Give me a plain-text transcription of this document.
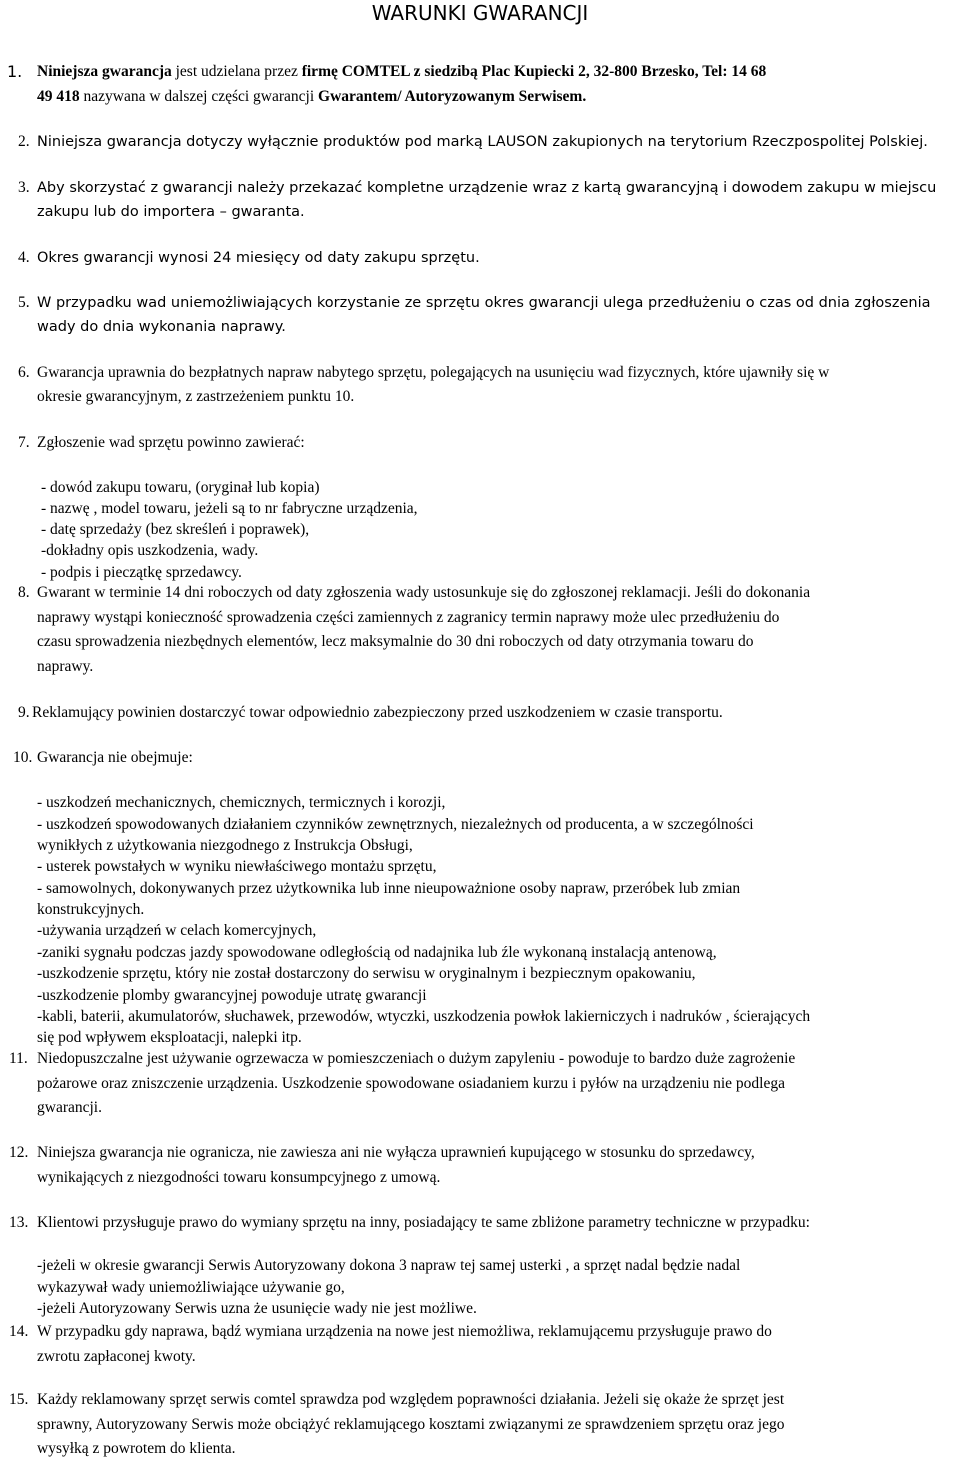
WARUNKI GWARANCJI
1. Niniejsza gwarancja jest udzielana przez firmę COMTEL z siedzibą Plac Kupiecki 2, 32-800 Brzesko, Tel: 14 68
49 418 nazywana w dalszej części gwarancji Gwarantem/ Autoryzowanym Serwisem.
2. Niniejsza gwarancja dotyczy wyłącznie produktów pod marką LAUSON zakupionych na terytorium Rzeczpospolitej Polskiej.
3. Aby skorzystać z gwarancji należy przekazać kompletne urządzenie wraz z kartą gwarancyjną i dowodem zakupu w miejscu
zakupu lub do importera – gwaranta.
4. Okres gwarancji wynosi 24 miesięcy od daty zakupu sprzętu.
5. W przypadku wad uniemożliwiających korzystanie ze sprzętu okres gwarancji ulega przedłużeniu o czas od dnia zgłoszenia
wady do dnia wykonania naprawy.
6. Gwarancja uprawnia do bezpłatnych napraw nabytego sprzętu, polegających na usunięciu wad fizycznych, które ujawniły się w
okresie gwarancyjnym, z zastrzeżeniem punktu 10.
7. Zgłoszenie wad sprzętu powinno zawierać:
- dowód zakupu towaru, (oryginał lub kopia)
- nazwę , model towaru, jeżeli są to nr fabryczne urządzenia,
- datę sprzedaży (bez skreśleń i poprawek),
-dokładny opis uszkodzenia, wady.
- podpis i pieczątkę sprzedawcy.
8. Gwarant w terminie 14 dni roboczych od daty zgłoszenia wady ustosunkuje się do zgłoszonej reklamacji. Jeśli do dokonania
naprawy wystąpi konieczność sprowadzenia części zamiennych z zagranicy termin naprawy może ulec przedłużeniu do
czasu sprowadzenia niezbędnych elementów, lecz maksymalnie do 30 dni roboczych od daty otrzymania towaru do
naprawy.
9. Reklamujący powinien dostarczyć towar odpowiednio zabezpieczony przed uszkodzeniem w czasie transportu.
10. Gwarancja nie obejmuje:
- uszkodzeń mechanicznych, chemicznych, termicznych i korozji,
- uszkodzeń spowodowanych działaniem czynników zewnętrznych, niezależnych od producenta, a w szczególności
wynikłych z użytkowania niezgodnego z Instrukcja Obsługi,
- usterek powstałych w wyniku niewłaściwego montażu sprzętu,
- samowolnych, dokonywanych przez użytkownika lub inne nieupoważnione osoby napraw, przeróbek lub zmian
konstrukcyjnych.
-używania urządzeń w celach komercyjnych,
-zaniki sygnału podczas jazdy spowodowane odległością od nadajnika lub źle wykonaną instalacją antenową,
-uszkodzenie sprzętu, który nie został dostarczony do serwisu w oryginalnym i bezpiecznym opakowaniu,
-uszkodzenie plomby gwarancyjnej powoduje utratę gwarancji
-kabli, baterii, akumulatorów, słuchawek, przewodów, wtyczki, uszkodzenia powłok lakierniczych i nadruków , ścierających
się pod wpływem eksploatacji, nalepki itp.
11. Niedopuszczalne jest używanie ogrzewacza w pomieszczeniach o dużym zapyleniu - powoduje to bardzo duże zagrożenie
pożarowe oraz zniszczenie urządzenia. Uszkodzenie spowodowane osiadaniem kurzu i pyłów na urządzeniu nie podlega
gwarancji.
12. Niniejsza gwarancja nie ogranicza, nie zawiesza ani nie wyłącza uprawnień kupującego w stosunku do sprzedawcy,
wynikających z niezgodności towaru konsumpcyjnego z umową.
13. Klientowi przysługuje prawo do wymiany sprzętu na inny, posiadający te same zbliżone parametry techniczne w przypadku:
-jeżeli w okresie gwarancji Serwis Autoryzowany dokona 3 napraw tej samej usterki , a sprzęt nadal będzie nadal
wykazywał wady uniemożliwiające używanie go,
-jeżeli Autoryzowany Serwis uzna że usunięcie wady nie jest możliwe.
14. W przypadku gdy naprawa, bądź wymiana urządzenia na nowe jest niemożliwa, reklamującemu przysługuje prawo do
zwrotu zapłaconej kwoty.
15. Każdy reklamowany sprzęt serwis comtel sprawdza pod względem poprawności działania. Jeżeli się okaże że sprzęt jest
sprawny, Autoryzowany Serwis może obciążyć reklamującego kosztami związanymi ze sprawdzeniem sprzętu oraz jego
wysyłką z powrotem do klienta.
